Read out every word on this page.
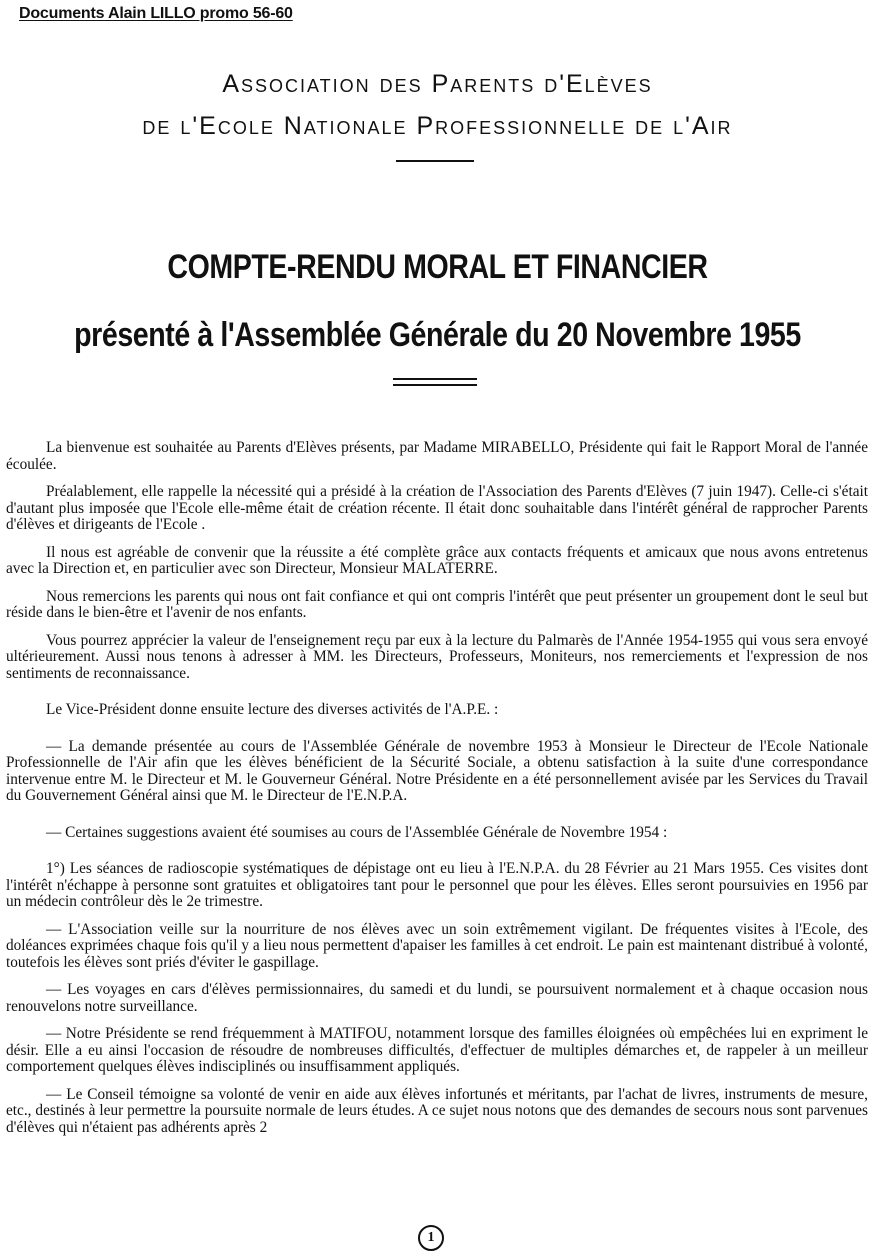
Documents Alain LILLO promo 56-60
Association des Parents d'Elèves
de l'Ecole Nationale Professionnelle de l'Air
COMPTE-RENDU MORAL ET FINANCIER
présenté à l'Assemblée Générale du 20 Novembre 1955

La bienvenue est souhaitée au Parents d'Elèves présents, par Madame MIRABELLO, Présidente qui fait le Rapport Moral de l'année écoulée.

Préalablement, elle rappelle la nécessité qui a présidé à la création de l'Association des Parents d'Elèves (7 juin 1947). Celle-ci s'était d'autant plus imposée que l'Ecole elle-même était de création récente. Il était donc souhaitable dans l'intérêt général de rapprocher Parents d'élèves et dirigeants de l'Ecole .

Il nous est agréable de convenir que la réussite a été complète grâce aux contacts fréquents et amicaux que nous avons entretenus avec la Direction et, en particulier avec son Directeur, Monsieur MALATERRE.

Nous remercions les parents qui nous ont fait confiance et qui ont compris l'intérêt que peut présenter un groupement dont le seul but réside dans le bien-être et l'avenir de nos enfants.

Vous pourrez apprécier la valeur de l'enseignement reçu par eux à la lecture du Palmarès de l'Année 1954-1955 qui vous sera envoyé ultérieurement. Aussi nous tenons à adresser à MM. les Directeurs, Professeurs, Moniteurs, nos remerciements et l'expression de nos sentiments de reconnaissance.

Le Vice-Président donne ensuite lecture des diverses activités de l'A.P.E. :

— La demande présentée au cours de l'Assemblée Générale de novembre 1953 à Monsieur le Directeur de l'Ecole Nationale Professionnelle de l'Air afin que les élèves bénéficient de la Sécurité Sociale, a obtenu satisfaction à la suite d'une correspondance intervenue entre M. le Directeur et M. le Gouverneur Général. Notre Présidente en a été personnellement avisée par les Services du Travail du Gouvernement Général ainsi que M. le Directeur de l'E.N.P.A.

— Certaines suggestions avaient été soumises au cours de l'Assemblée Générale de Novembre 1954 :

1°) Les séances de radioscopie systématiques de dépistage ont eu lieu à l'E.N.P.A. du 28 Février au 21 Mars 1955. Ces visites dont l'intérêt n'échappe à personne sont gratuites et obligatoires tant pour le personnel que pour les élèves. Elles seront poursuivies en 1956 par un médecin contrôleur dès le 2e trimestre.

— L'Association veille sur la nourriture de nos élèves avec un soin extrêmement vigilant. De fréquentes visites à l'Ecole, des doléances exprimées chaque fois qu'il y a lieu nous permettent d'apaiser les familles à cet endroit. Le pain est maintenant distribué à volonté, toutefois les élèves sont priés d'éviter le gaspillage.

— Les voyages en cars d'élèves permissionnaires, du samedi et du lundi, se poursuivent normalement et à chaque occasion nous renouvelons notre surveillance.

— Notre Présidente se rend fréquemment à MATIFOU, notamment lorsque des familles éloignées où empêchées lui en expriment le désir. Elle a eu ainsi l'occasion de résoudre de nombreuses difficultés, d'effectuer de multiples démarches et, de rappeler à un meilleur comportement quelques élèves indisciplinés ou insuffisamment appliqués.

— Le Conseil témoigne sa volonté de venir en aide aux élèves infortunés et méritants, par l'achat de livres, instruments de mesure, etc., destinés à leur permettre la poursuite normale de leurs études. A ce sujet nous notons que des demandes de secours nous sont parvenues d'élèves qui n'étaient pas adhérents après 2

1
